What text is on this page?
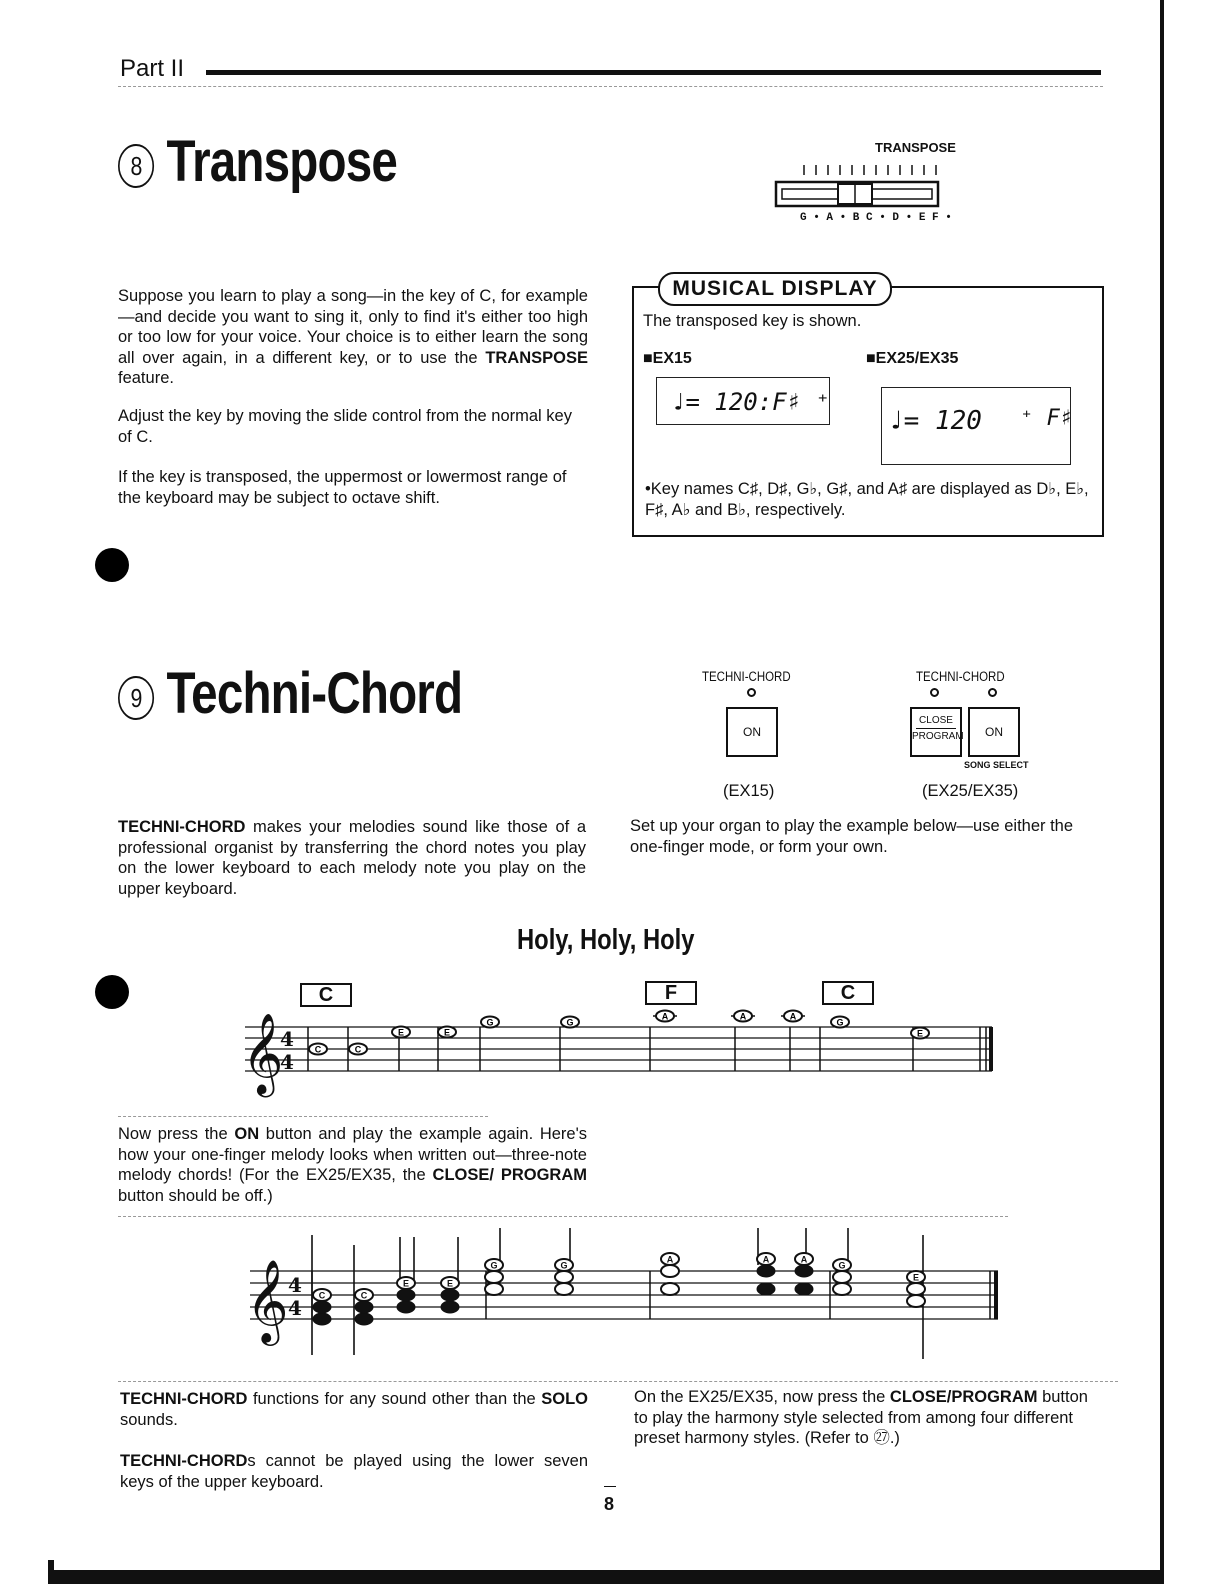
Part II
8 Transpose	TRANSPOSE
G • A • B C • D • E F •
Suppose you learn to play a song—in the key of C, for example—and decide you want to sing it, only to find it's either too high or too low for your voice. Your choice is to either learn the song all over again, in a different key, or to use the TRANSPOSE feature.
Adjust the key by moving the slide control from the normal key of C.
If the key is transposed, the uppermost or lowermost range of the keyboard may be subject to octave shift.
MUSICAL DISPLAY
The transposed key is shown.
■EX15	■EX25/EX35
♩= 120:F♯ ⁺
♩= 120 ⁺ F♯
•Key names C♯, D♯, G♭, G♯, and A♯ are displayed as D♭, E♭, F♯, A♭ and B♭, respectively.
9 Techni-Chord	TECHNI-CHORD
ON
(EX15)
TECHNI-CHORD
CLOSE
PROGRAM	ON
SONG SELECT
(EX25/EX35)
TECHNI-CHORD makes your melodies sound like those of a professional organist by transferring the chord notes you play on the lower keyboard to each melody note you play on the upper keyboard.
Set up your organ to play the example below—use either the one-finger mode, or form your own.
Holy, Holy, Holy
C	F	C
𝄞
4
4
C	C
E	E
G	G
A	A	A
G
E
Now press the ON button and play the example again. Here's how your one-finger melody looks when written out—three-note melody chords! (For the EX25/EX35, the CLOSE/ PROGRAM button should be off.)
𝄞 4
4
C	C
E	E
G	G
A	A	A
G
E
TECHNI-CHORD functions for any sound other than the SOLO sounds.
TECHNI-CHORDs cannot be played using the lower seven keys of the upper keyboard.
On the EX25/EX35, now press the CLOSE/PROGRAM button to play the harmony style selected from among four different preset harmony styles. (Refer to ㉗.)
8
